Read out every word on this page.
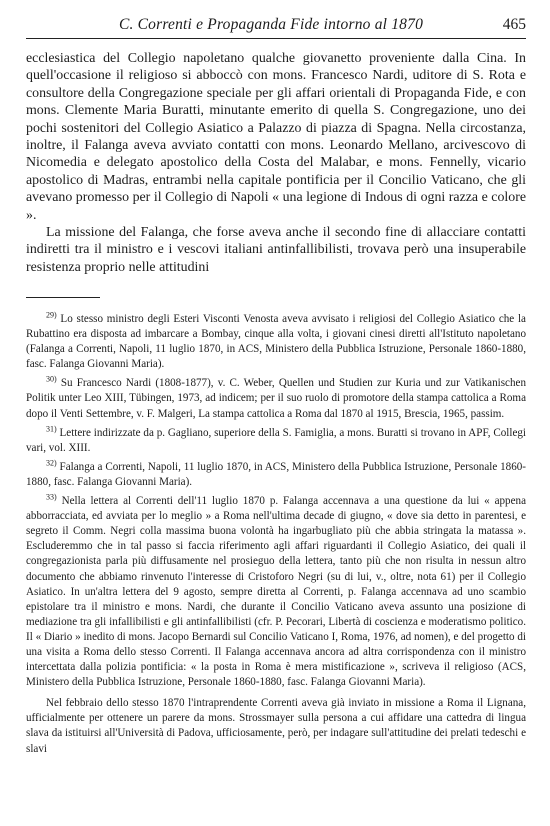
C. Correnti e Propaganda Fide intorno al 1870	465

ecclesiastica del Collegio napoletano qualche giovanetto proveniente dalla Cina. In quell'occasione il religioso si abboccò con mons. Francesco Nardi, uditore di S. Rota e consultore della Congregazione speciale per gli affari orientali di Propaganda Fide, e con mons. Clemente Maria Buratti, minutante emerito di quella S. Congregazione, uno dei pochi sostenitori del Collegio Asiatico a Palazzo di piazza di Spagna. Nella circostanza, inoltre, il Falanga aveva avviato contatti con mons. Leonardo Mellano, arcivescovo di Nicomedia e delegato apostolico della Costa del Malabar, e mons. Fennelly, vicario apostolico di Madras, entrambi nella capitale pontificia per il Concilio Vaticano, che gli avevano promesso per il Collegio di Napoli « una legione di Indous di ogni razza e colore ».

La missione del Falanga, che forse aveva anche il secondo fine di allacciare contatti indiretti tra il ministro e i vescovi italiani antinfallibilisti, trovava però una insuperabile resistenza proprio nelle attitudini

$^{29)}$ Lo stesso ministro degli Esteri Visconti Venosta aveva avvisato i religiosi del Collegio Asiatico che la Rubattino era disposta ad imbarcare a Bombay, cinque alla volta, i giovani cinesi diretti all'Istituto napoletano (Falanga a Correnti, Napoli, 11 luglio 1870, in ACS, Ministero della Pubblica Istruzione, Personale 1860-1880, fasc. Falanga Giovanni Maria).

$^{30)}$ Su Francesco Nardi (1808-1877), v. C. Weber, Quellen und Studien zur Kuria und zur Vatikanischen Politik unter Leo XIII, Tübingen, 1973, ad indicem; per il suo ruolo di promotore della stampa cattolica a Roma dopo il Venti Settembre, v. F. Malgeri, La stampa cattolica a Roma dal 1870 al 1915, Brescia, 1965, passim.

$^{31)}$ Lettere indirizzate da p. Gagliano, superiore della S. Famiglia, a mons. Buratti si trovano in APF, Collegi vari, vol. XIII.

$^{32)}$ Falanga a Correnti, Napoli, 11 luglio 1870, in ACS, Ministero della Pubblica Istruzione, Personale 1860-1880, fasc. Falanga Giovanni Maria).

$^{33)}$ Nella lettera al Correnti dell'11 luglio 1870 p. Falanga accennava a una questione da lui « appena abborracciata, ed avviata per lo meglio » a Roma nell'ultima decade di giugno, « dove sia detto in parentesi, e segreto il Comm. Negri colla massima buona volontà ha ingarbugliato più che abbia stringata la matassa ». Escluderemmo che in tal passo si faccia riferimento agli affari riguardanti il Collegio Asiatico, dei quali il congregazionista parla più diffusamente nel prosieguo della lettera, tanto più che non risulta in nessun altro documento che abbiamo rinvenuto l'interesse di Cristoforo Negri (su di lui, v., oltre, nota 61) per il Collegio Asiatico. In un'altra lettera del 9 agosto, sempre diretta al Correnti, p. Falanga accennava ad uno scambio epistolare tra il ministro e mons. Nardi, che durante il Concilio Vaticano aveva assunto una posizione di mediazione tra gli infallibilisti e gli antinfallibilisti (cfr. P. Pecorari, Libertà di coscienza e moderatismo politico. Il « Diario » inedito di mons. Jacopo Bernardi sul Concilio Vaticano I, Roma, 1976, ad nomen), e del progetto di una visita a Roma dello stesso Correnti. Il Falanga accennava ancora ad altra corrispondenza con il ministro intercettata dalla polizia pontificia: « la posta in Roma è mera mistificazione », scriveva il religioso (ACS, Ministero della Pubblica Istruzione, Personale 1860-1880, fasc. Falanga Giovanni Maria).

Nel febbraio dello stesso 1870 l'intraprendente Correnti aveva già inviato in missione a Roma il Lignana, ufficialmente per ottenere un parere da mons. Strossmayer sulla persona a cui affidare una cattedra di lingua slava da istituirsi all'Università di Padova, ufficiosamente, però, per indagare sull'attitudine dei prelati tedeschi e slavi
